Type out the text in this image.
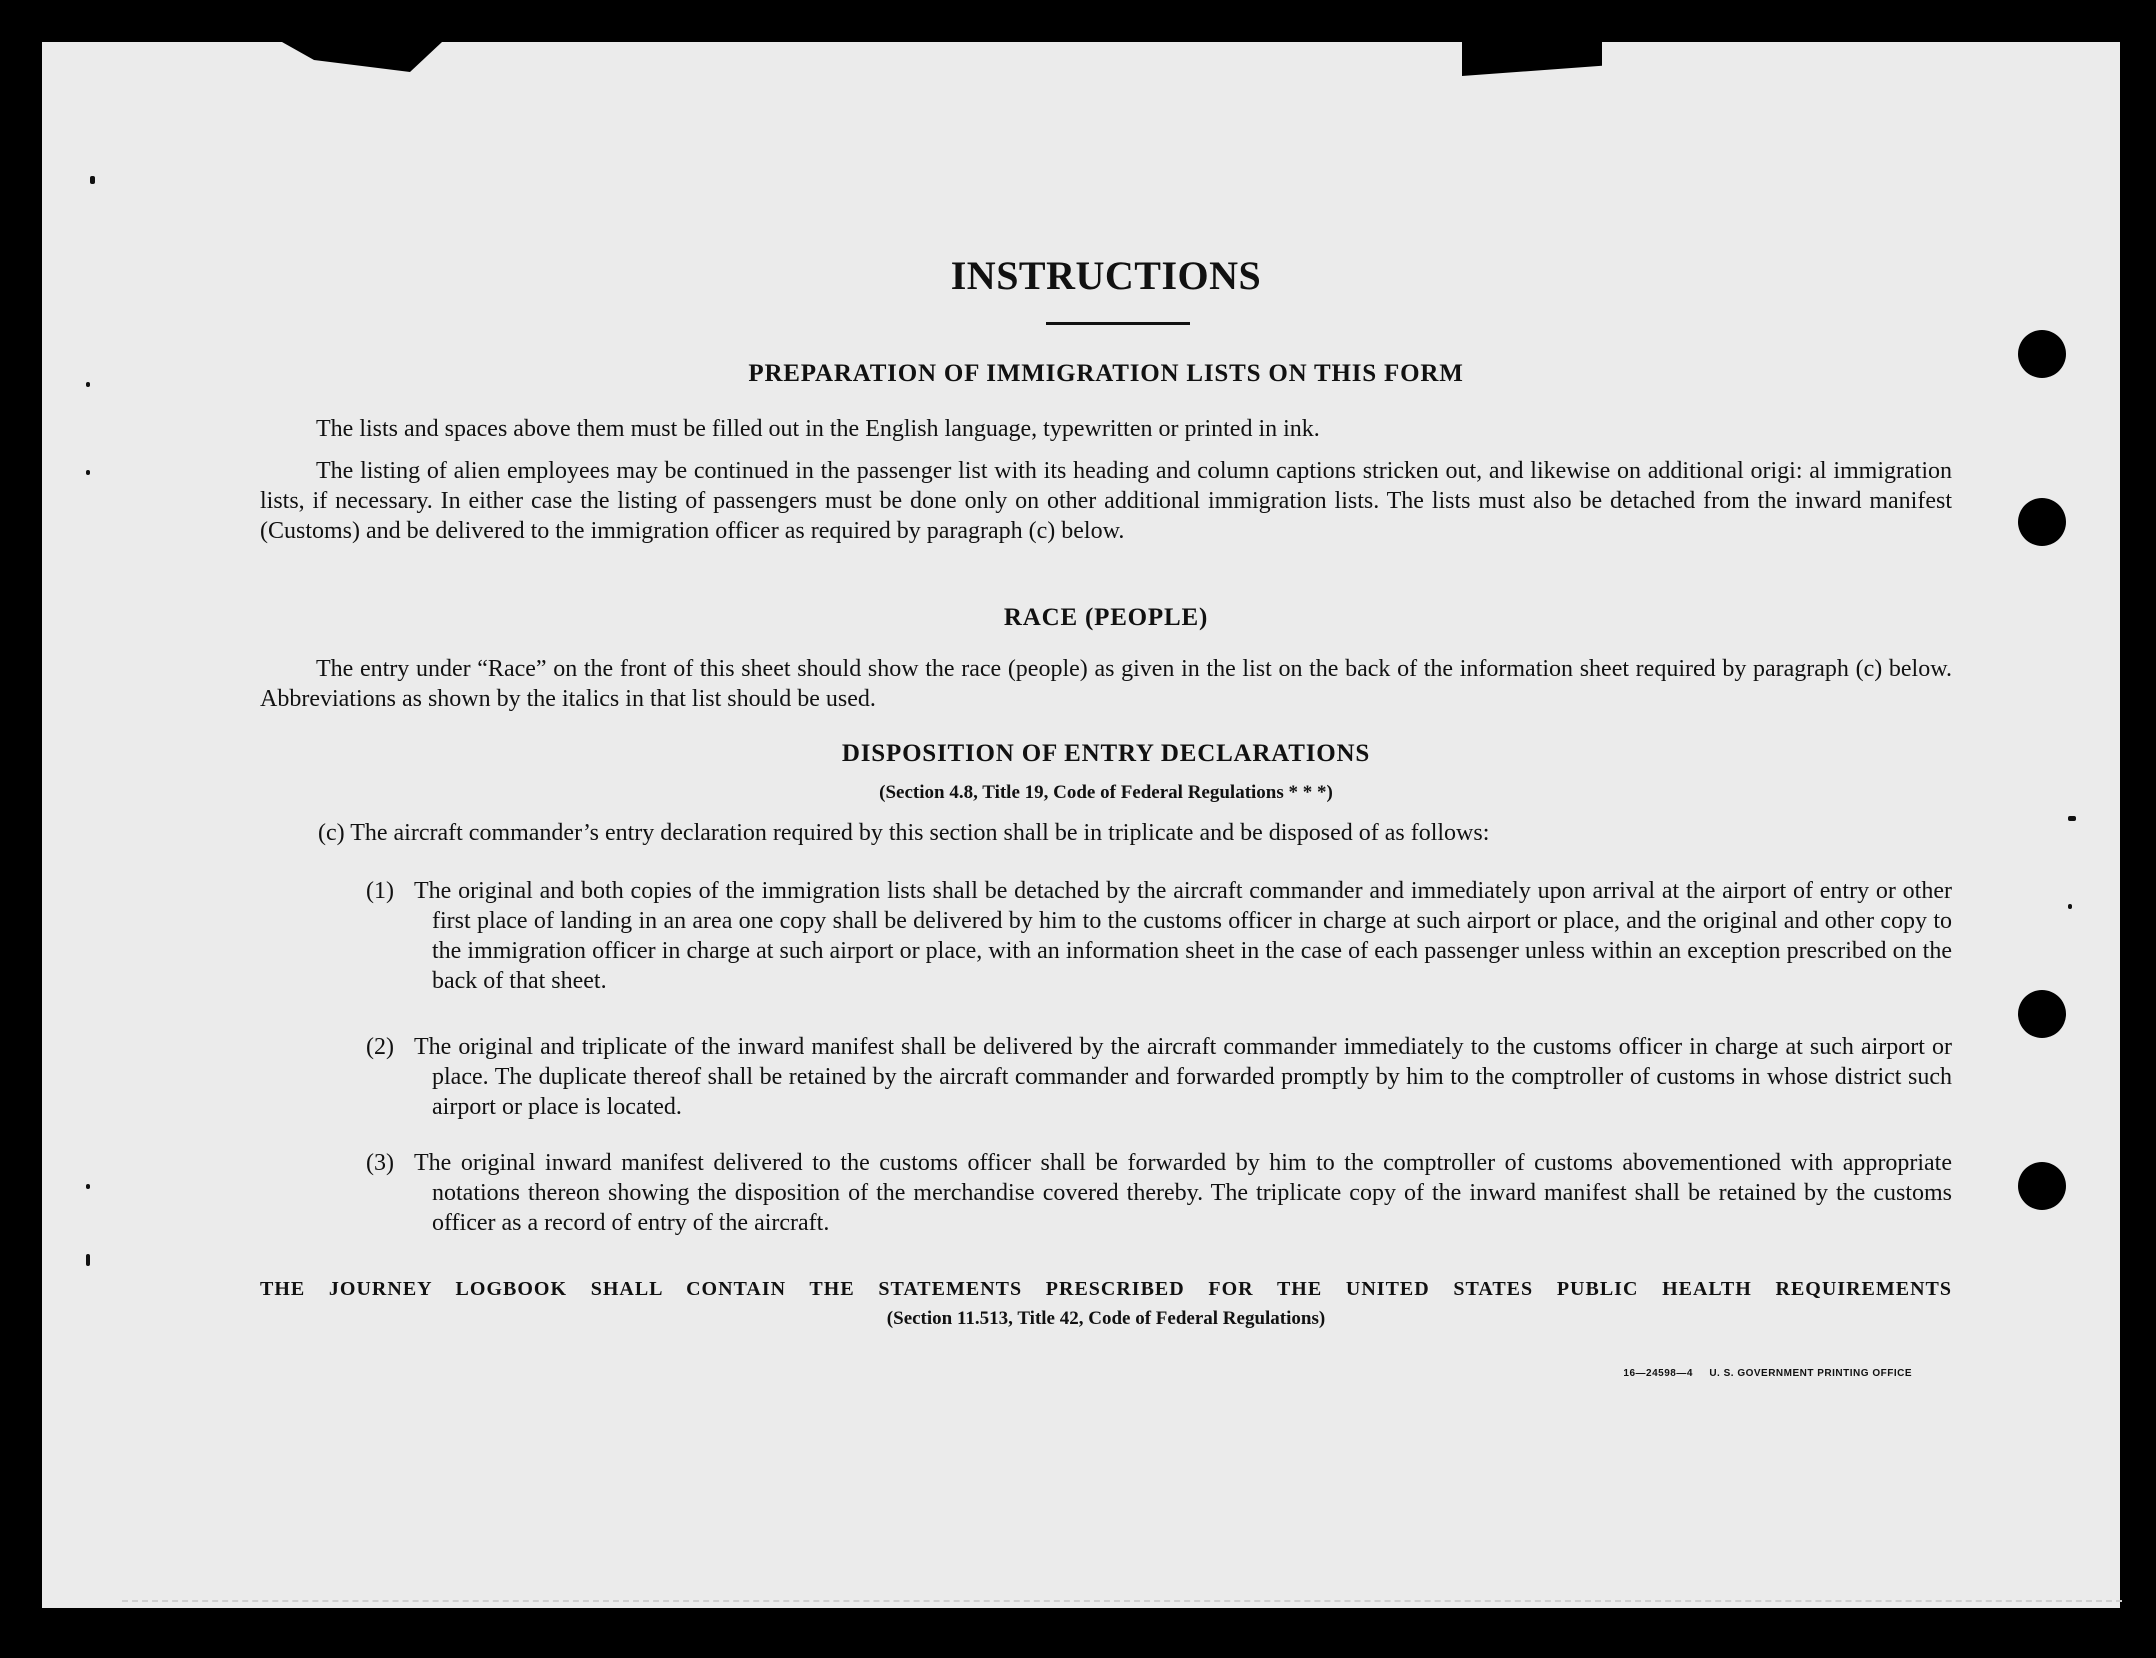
INSTRUCTIONS
PREPARATION OF IMMIGRATION LISTS ON THIS FORM
The lists and spaces above them must be filled out in the English language, typewritten or printed in ink.
The listing of alien employees may be continued in the passenger list with its heading and column captions stricken out, and likewise on additional origi: al immigration lists, if necessary. In either case the listing of passengers must be done only on other additional immigration lists. The lists must also be detached from the inward manifest (Customs) and be delivered to the immigration officer as required by paragraph (c) below.
RACE (PEOPLE)
The entry under “Race” on the front of this sheet should show the race (people) as given in the list on the back of the information sheet required by paragraph (c) below. Abbreviations as shown by the italics in that list should be used.
DISPOSITION OF ENTRY DECLARATIONS
(Section 4.8, Title 19, Code of Federal Regulations * * *)
(c) The aircraft commander’s entry declaration required by this section shall be in triplicate and be disposed of as follows:
(1) The original and both copies of the immigration lists shall be detached by the aircraft commander and immediately upon arrival at the airport of entry or other first place of landing in an area one copy shall be delivered by him to the customs officer in charge at such airport or place, and the original and other copy to the immigration officer in charge at such airport or place, with an information sheet in the case of each passenger unless within an exception prescribed on the back of that sheet.
(2) The original and triplicate of the inward manifest shall be delivered by the aircraft commander immediately to the customs officer in charge at such airport or place. The duplicate thereof shall be retained by the aircraft commander and forwarded promptly by him to the comptroller of customs in whose district such airport or place is located.
(3) The original inward manifest delivered to the customs officer shall be forwarded by him to the comptroller of customs abovementioned with appropriate notations thereon showing the disposition of the merchandise covered thereby. The triplicate copy of the inward manifest shall be retained by the customs officer as a record of entry of the aircraft.
THE JOURNEY LOGBOOK SHALL CONTAIN THE STATEMENTS PRESCRIBED FOR THE UNITED STATES PUBLIC HEALTH REQUIREMENTS
(Section 11.513, Title 42, Code of Federal Regulations)
16—24598—4 U. S. GOVERNMENT PRINTING OFFICE
